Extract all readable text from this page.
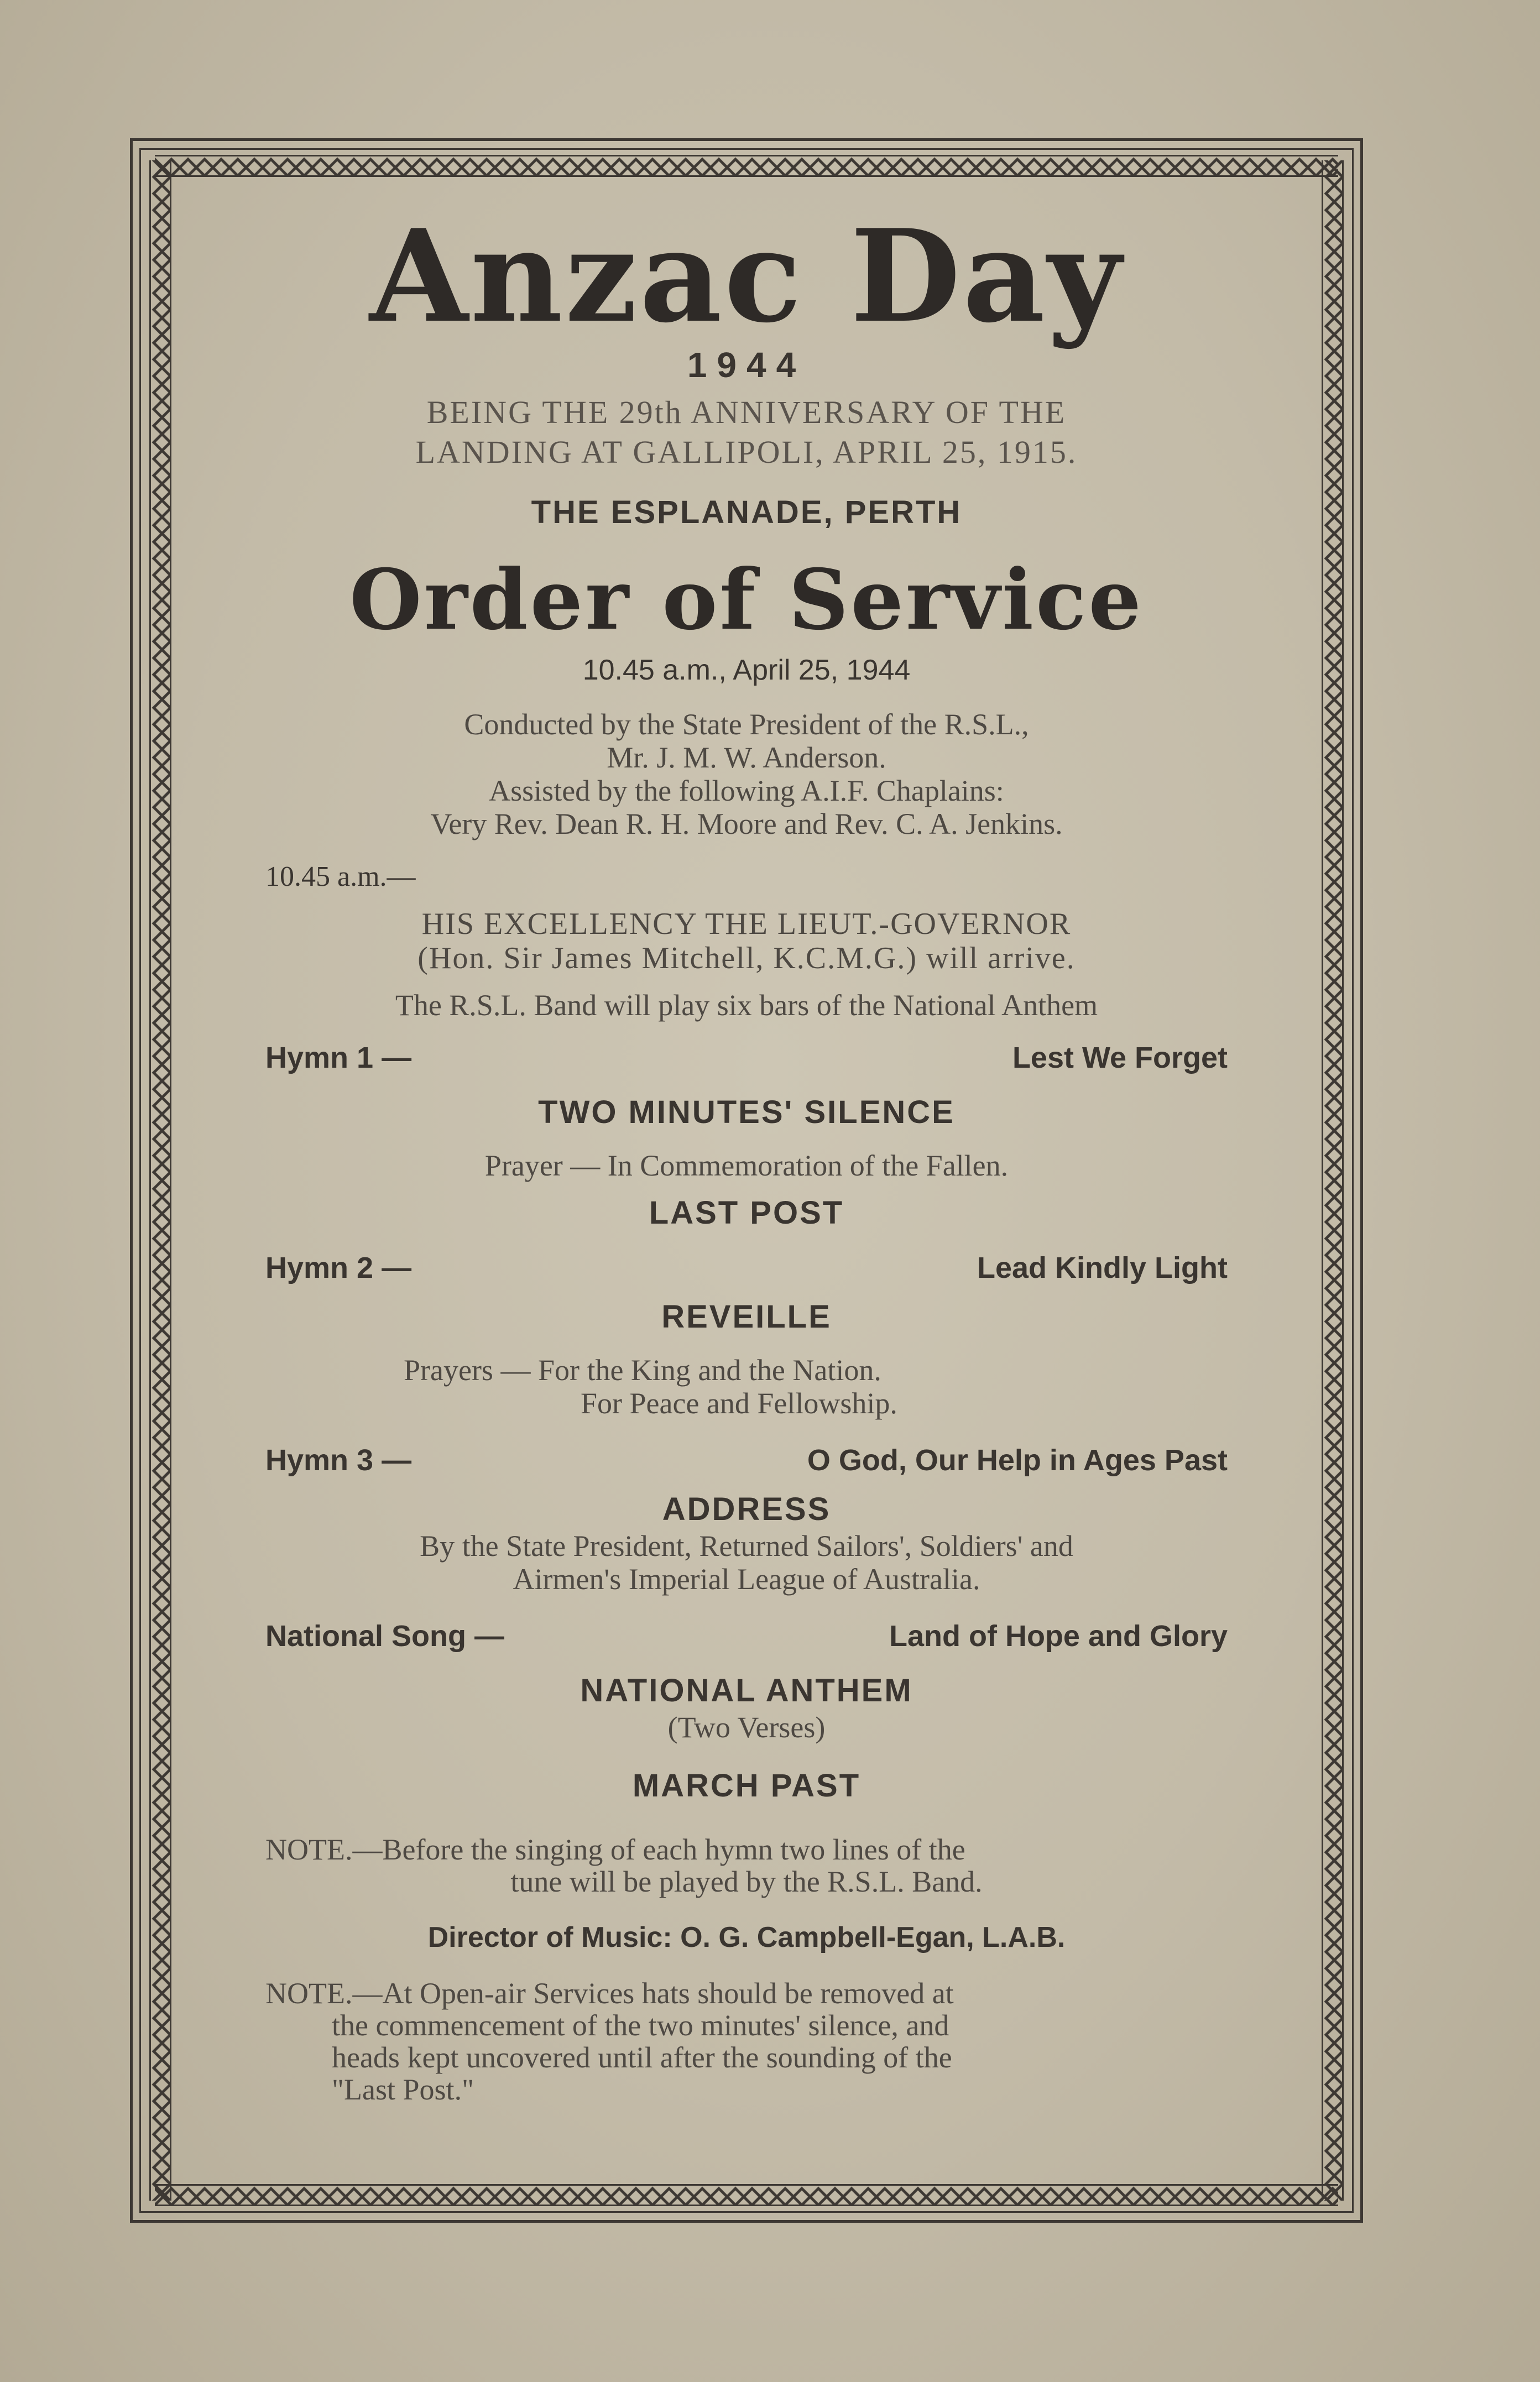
Anzac Day
1944
BEING THE 29th ANNIVERSARY OF THE
LANDING AT GALLIPOLI, APRIL 25, 1915.
THE ESPLANADE, PERTH
Order of Service
10.45 a.m., April 25, 1944
Conducted by the State President of the R.S.L.,
Mr. J. M. W. Anderson.
Assisted by the following A.I.F. Chaplains:
Very Rev. Dean R. H. Moore and Rev. C. A. Jenkins.
10.45 a.m.—
HIS EXCELLENCY THE LIEUT.-GOVERNOR
(Hon. Sir James Mitchell, K.C.M.G.) will arrive.
The R.S.L. Band will play six bars of the National Anthem
Hymn 1 —	Lest We Forget
TWO MINUTES' SILENCE
Prayer — In Commemoration of the Fallen.
LAST POST
Hymn 2 —	Lead Kindly Light
REVEILLE
Prayers — For the King and the Nation.
For Peace and Fellowship.
Hymn 3 —	O God, Our Help in Ages Past
ADDRESS
By the State President, Returned Sailors', Soldiers' and
Airmen's Imperial League of Australia.
National Song —	Land of Hope and Glory
NATIONAL ANTHEM
(Two Verses)
MARCH PAST
NOTE.—Before the singing of each hymn two lines of the
tune will be played by the R.S.L. Band.
Director of Music: O. G. Campbell-Egan, L.A.B.
NOTE.—At Open-air Services hats should be removed at
the commencement of the two minutes' silence, and
heads kept uncovered until after the sounding of the
"Last Post."
